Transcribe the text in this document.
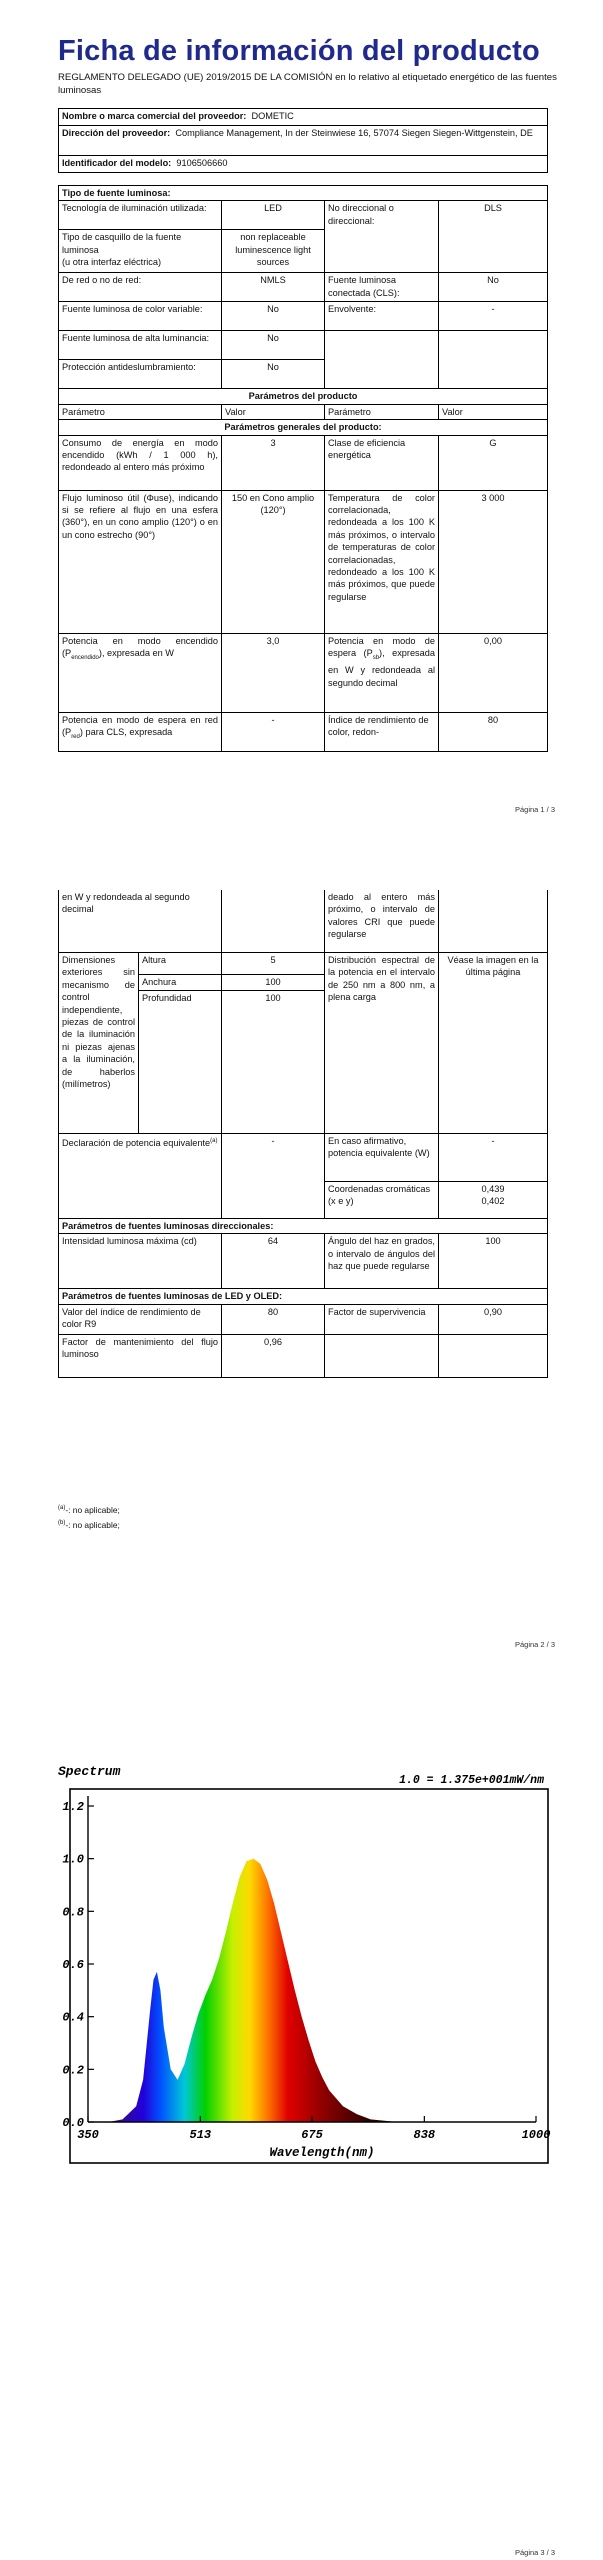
Ficha de información del producto
REGLAMENTO DELEGADO (UE) 2019/2015 DE LA COMISIÓN en lo relativo al etiquetado energético de las fuentes luminosas
Nombre o marca comercial del proveedor: DOMETIC
Dirección del proveedor: Compliance Management, In der Steinwiese 16, 57074 Siegen Siegen-Wittgenstein, DE
Identificador del modelo: 9106506660
Tipo de fuente luminosa:			
Tecnología de iluminación utilizada:	LED	No direccional o direccional:	DLS
Tipo de casquillo de la fuente luminosa
(u otra interfaz eléctrica)	non replaceable luminescence light sources		
De red o no de red:	NMLS	Fuente luminosa conectada (CLS):	No
Fuente luminosa de color variable:	No	Envolvente:	-
Fuente luminosa de alta luminancia:	No		
Protección antideslumbramiento:	No		
Parámetros del producto			
Parámetro	Valor	Parámetro	Valor
Parámetros generales del producto:			
Consumo de energía en modo encendido (kWh / 1 000 h), redondeado al entero más próximo	3	Clase de eficiencia energética	G
Flujo luminoso útil (Φuse), indicando si se refiere al flujo en una esfera (360°), en un cono amplio (120°) o en un cono estrecho (90°)	150 en Cono amplio (120°)	Temperatura de color correlacionada, redondeada a los 100 K más próximos, o intervalo de temperaturas de color correlacionadas, redondeado a los 100 K más próximos, que puede regularse	3 000
Potencia en modo encendido $(P_{encendido})$, expresada en W	3,0	Potencia en modo de espera $(P_{sb})$, expresada en W y redondeada al segundo decimal	0,00
Potencia en modo de espera en red $(P_{red})$ para CLS, expresada	-	Índice de rendimiento de color, redon-	80
Página 1 / 3
en W y redondeada al segundo decimal			deado al entero más próximo, o intervalo de valores CRI que puede regularse	
Dimensiones exteriores sin mecanismo de control independiente, piezas de control de la iluminación ni piezas ajenas a la iluminación, de haberlos (milímetros)	Altura	5	Distribución espectral de la potencia en el intervalo de 250 nm a 800 nm, a plena carga	Véase la imagen en la última página
	Anchura	100		
	Profundidad	100		
Declaración de potencia equivalente$^{(a)}$		-	En caso afirmativo, potencia equivalente (W)	-
			Coordenadas cromáticas (x e y)	0,439
0,402
Parámetros de fuentes luminosas direccionales:				
Intensidad luminosa máxima (cd)		64	Ángulo del haz en grados, o intervalo de ángulos del haz que puede regularse	100
Parámetros de fuentes luminosas de LED y OLED:				
Valor del índice de rendimiento de color R9		80	Factor de supervivencia	0,90
Factor de mantenimiento del flujo luminoso		0,96		
$^{(a)}$-: no aplicable;
$^{(b)}$-: no aplicable;
Página 2 / 3
Spectrum
1.0 = 1.375e+001mW/nm
0.0
0.2
0.4
0.6
0.8
1.0
1.2
350	513	675	838	1000
Wavelength(nm)
Página 3 / 3
